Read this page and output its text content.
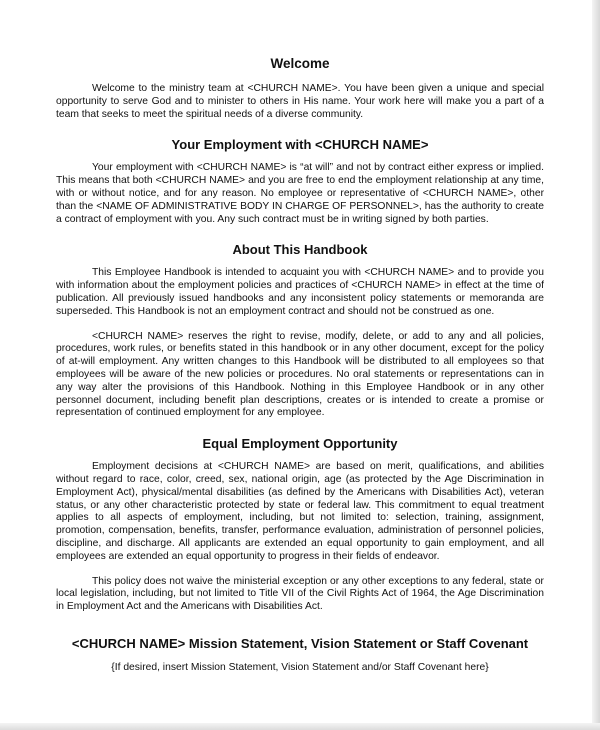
Welcome

Welcome to the ministry team at <CHURCH NAME>. You have been given a unique and special opportunity to serve God and to minister to others in His name. Your work here will make you a part of a team that seeks to meet the spiritual needs of a diverse community.

Your Employment with <CHURCH NAME>

Your employment with <CHURCH NAME> is “at will” and not by contract either express or implied. This means that both <CHURCH NAME> and you are free to end the employment relationship at any time, with or without notice, and for any reason. No employee or representative of <CHURCH NAME>, other than the <NAME OF ADMINISTRATIVE BODY IN CHARGE OF PERSONNEL>, has the authority to create a contract of employment with you. Any such contract must be in writing signed by both parties.

About This Handbook

This Employee Handbook is intended to acquaint you with <CHURCH NAME> and to provide you with information about the employment policies and practices of <CHURCH NAME> in effect at the time of publication. All previously issued handbooks and any inconsistent policy statements or memoranda are superseded. This Handbook is not an employment contract and should not be construed as one.

<CHURCH NAME> reserves the right to revise, modify, delete, or add to any and all policies, procedures, work rules, or benefits stated in this handbook or in any other document, except for the policy of at-will employment. Any written changes to this Handbook will be distributed to all employees so that employees will be aware of the new policies or procedures. No oral statements or representations can in any way alter the provisions of this Handbook. Nothing in this Employee Handbook or in any other personnel document, including benefit plan descriptions, creates or is intended to create a promise or representation of continued employment for any employee.

Equal Employment Opportunity

Employment decisions at <CHURCH NAME> are based on merit, qualifications, and abilities without regard to race, color, creed, sex, national origin, age (as protected by the Age Discrimination in Employment Act), physical/mental disabilities (as defined by the Americans with Disabilities Act), veteran status, or any other characteristic protected by state or federal law. This commitment to equal treatment applies to all aspects of employment, including, but not limited to: selection, training, assignment, promotion, compensation, benefits, transfer, performance evaluation, administration of personnel policies, discipline, and discharge. All applicants are extended an equal opportunity to gain employment, and all employees are extended an equal opportunity to progress in their fields of endeavor.

This policy does not waive the ministerial exception or any other exceptions to any federal, state or local legislation, including, but not limited to Title VII of the Civil Rights Act of 1964, the Age Discrimination in Employment Act and the Americans with Disabilities Act.

<CHURCH NAME> Mission Statement, Vision Statement or Staff Covenant

{If desired, insert Mission Statement, Vision Statement and/or Staff Covenant here}
